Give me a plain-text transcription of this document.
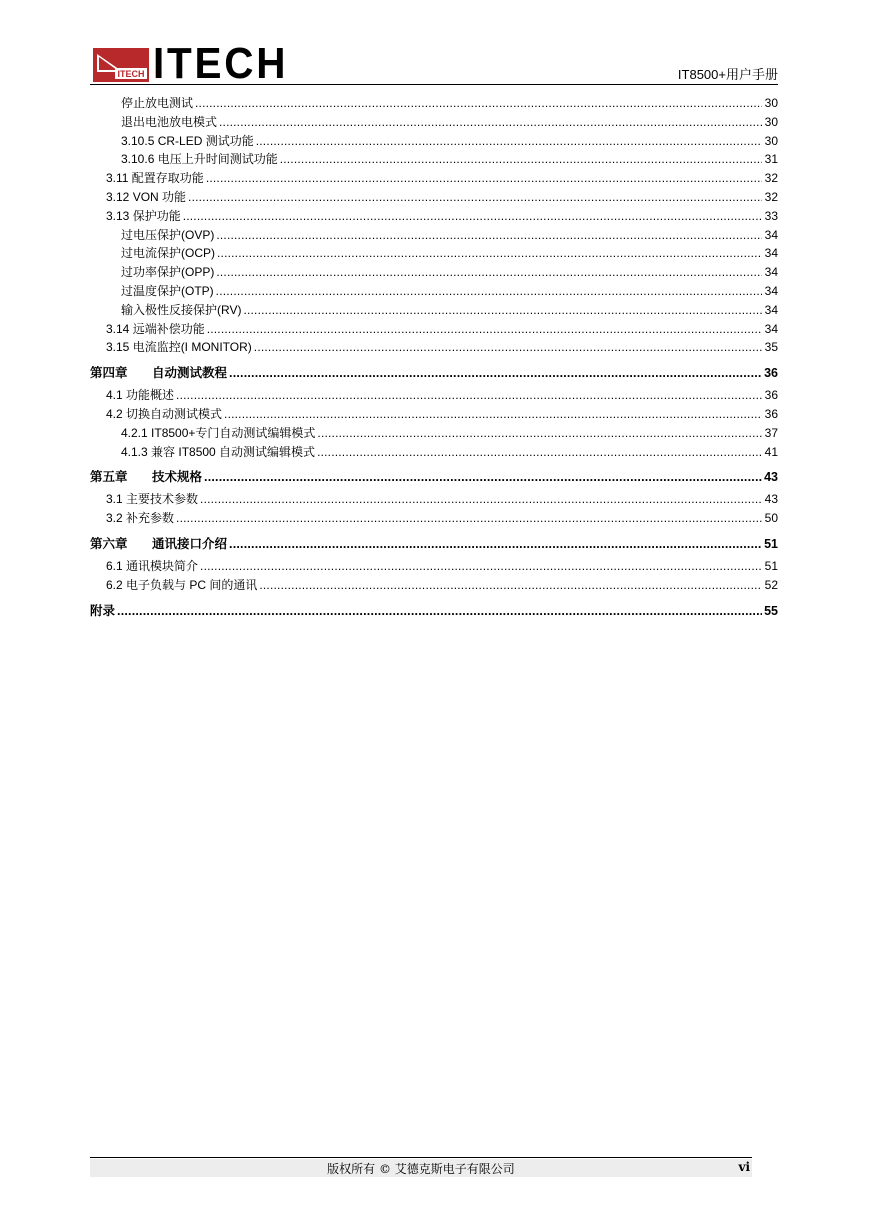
ITECH ITECH	IT8500+用户手册
停止放电测试 .....	30
退出电池放电模式 .....	30
3.10.5 CR-LED 测试功能 .....	30
3.10.6 电压上升时间测试功能 .....	31
3.11 配置存取功能 .....	32
3.12 VON 功能 .....	32
3.13 保护功能 .....	33
过电压保护(OVP) .....	34
过电流保护(OCP) .....	34
过功率保护(OPP) .....	34
过温度保护(OTP) .....	34
输入极性反接保护(RV) .....	34
3.14 远端补偿功能 .....	34
3.15 电流监控(I MONITOR) .....	35
第四章 自动测试教程 .....	36
4.1 功能概述 .....	36
4.2 切换自动测试模式 .....	36
4.2.1 IT8500+专门自动测试编辑模式 .....	37
4.1.3 兼容 IT8500 自动测试编辑模式 .....	41
第五章 技术规格 .....	43
3.1 主要技术参数 .....	43
3.2 补充参数 .....	50
第六章 通讯接口介绍 .....	51
6.1 通讯模块简介 .....	51
6.2 电子负载与 PC 间的通讯 .....	52
附录 .....	55
版权所有 © 艾德克斯电子有限公司	vi
